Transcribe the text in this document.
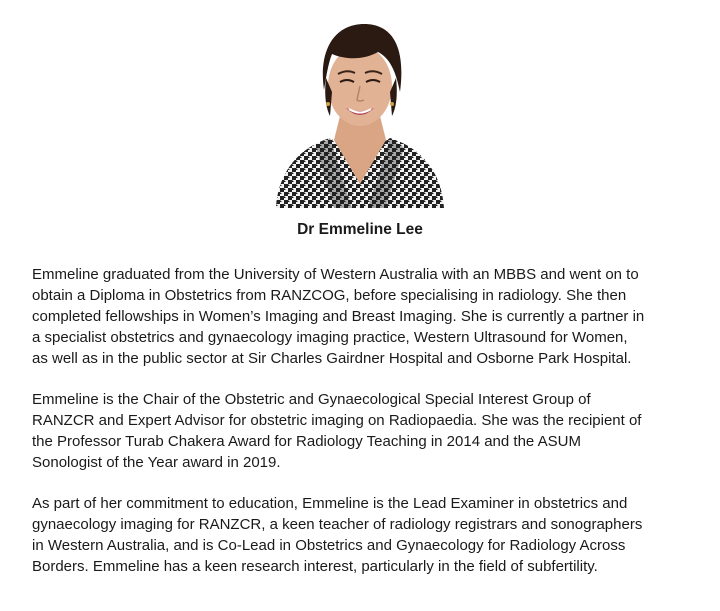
Dr Emmeline Lee

Emmeline graduated from the University of Western Australia with an MBBS and went on to
obtain a Diploma in Obstetrics from RANZCOG, before specialising in radiology. She then
completed fellowships in Women’s Imaging and Breast Imaging. She is currently a partner in
a specialist obstetrics and gynaecology imaging practice, Western Ultrasound for Women,
as well as in the public sector at Sir Charles Gairdner Hospital and Osborne Park Hospital.

Emmeline is the Chair of the Obstetric and Gynaecological Special Interest Group of
RANZCR and Expert Advisor for obstetric imaging on Radiopaedia. She was the recipient of
the Professor Turab Chakera Award for Radiology Teaching in 2014 and the ASUM
Sonologist of the Year award in 2019.

As part of her commitment to education, Emmeline is the Lead Examiner in obstetrics and
gynaecology imaging for RANZCR, a keen teacher of radiology registrars and sonographers
in Western Australia, and is Co-Lead in Obstetrics and Gynaecology for Radiology Across
Borders. Emmeline has a keen research interest, particularly in the field of subfertility.
